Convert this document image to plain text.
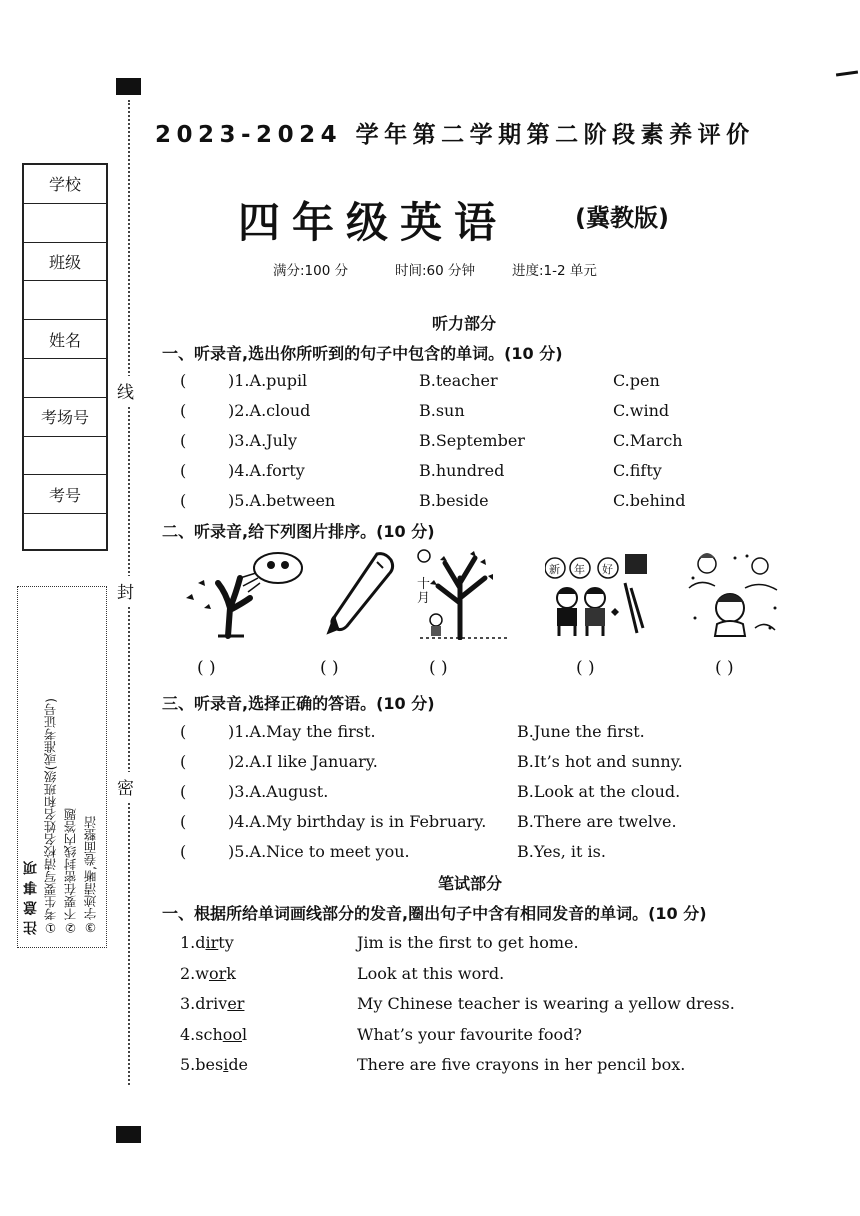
学校
班级
姓名
考场号
考号
线
封
密
注意事项 ①考生要写清校名姓名和班级(或准考证号) ②不要在密封线内答题 ③字迹清晰,卷面整洁
2023-2024 学年第二学期第二阶段素养评价
四年级英语	(冀教版)
满分:100 分	时间:60 分钟	进度:1-2 单元
听力部分
一、听录音,选出你所听到的句子中包含的单词。(10 分)
(	)1.A.pupil	B.teacher	C.pen
(	)2.A.cloud	B.sun	C.wind
(	)3.A.July	B.September	C.March
(	)4.A.forty	B.hundred	C.fifty
(	)5.A.between	B.beside	C.behind
二、听录音,给下列图片排序。(10 分)
十月
新 年 好
( )	( )	( )	( )	( )
三、听录音,选择正确的答语。(10 分)
(	)1.A.May the first.	B.June the first.
(	)2.A.I like January.	B.It’s hot and sunny.
(	)3.A.August.	B.Look at the cloud.
(	)4.A.My birthday is in February. B.There are twelve.
(	)5.A.Nice to meet you.	B.Yes, it is.
笔试部分
一、根据所给单词画线部分的发音,圈出句子中含有相同发音的单词。(10 分)
1.dirty	Jim is the first to get home.
2.work	Look at this word.
3.driver	My Chinese teacher is wearing a yellow dress.
4.school	What’s your favourite food?
5.beside	There are five crayons in her pencil box.
